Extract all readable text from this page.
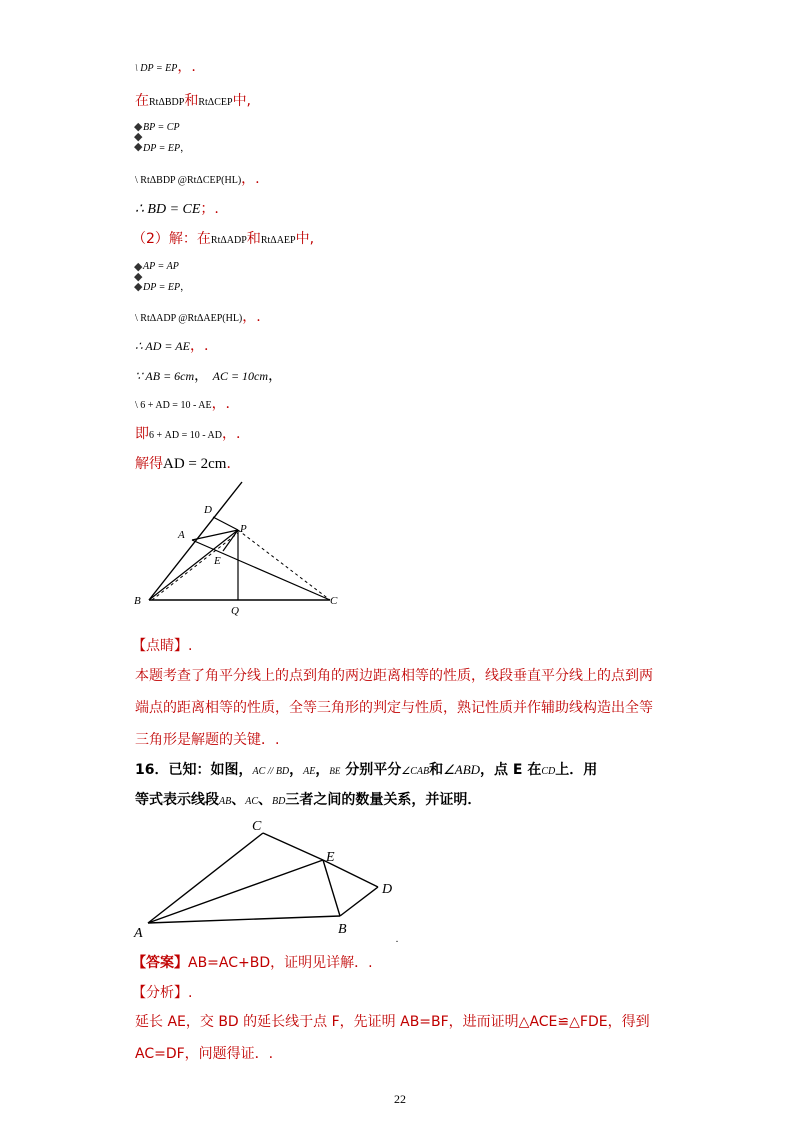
\ DP = EP，.
在RtΔBDP和RtΔCEP中,
◆
◆
◆
BP = CP
DP = EP，
\ RtΔBDP @RtΔCEP(HL)，.
∴ BD = CE；.
（2）解：在RtΔADP和RtΔAEP中,
◆
◆
◆
AP = AP
DP = EP，
\ RtΔADP @RtΔAEP(HL)，.
∴ AD = AE，.
∵ AB = 6cm， AC = 10cm，
\ 6 + AD = 10 - AE，.
即6 + AD = 10 - AD，.
解得AD = 2cm．
D
A	P
E
B
Q
C
【点睛】.
本题考查了角平分线上的点到角的两边距离相等的性质，线段垂直平分线上的点到两端点的距离相等的性质，全等三角形的判定与性质，熟记性质并作辅助线构造出全等三角形是解题的关键．.
16．已知：如图，AC // BD，AE，BE 分别平分∠CAB和∠ABD，点 E 在CD上．用
等式表示线段AB、AC、BD三者之间的数量关系，并证明．
C
E
D
A	B
.
【答案】AB=AC+BD，证明见详解．.
【分析】.
延长 AE，交 BD 的延长线于点 F，先证明 AB=BF，进而证明△ACE≌△FDE，得到 AC=DF，问题得证．.
22
